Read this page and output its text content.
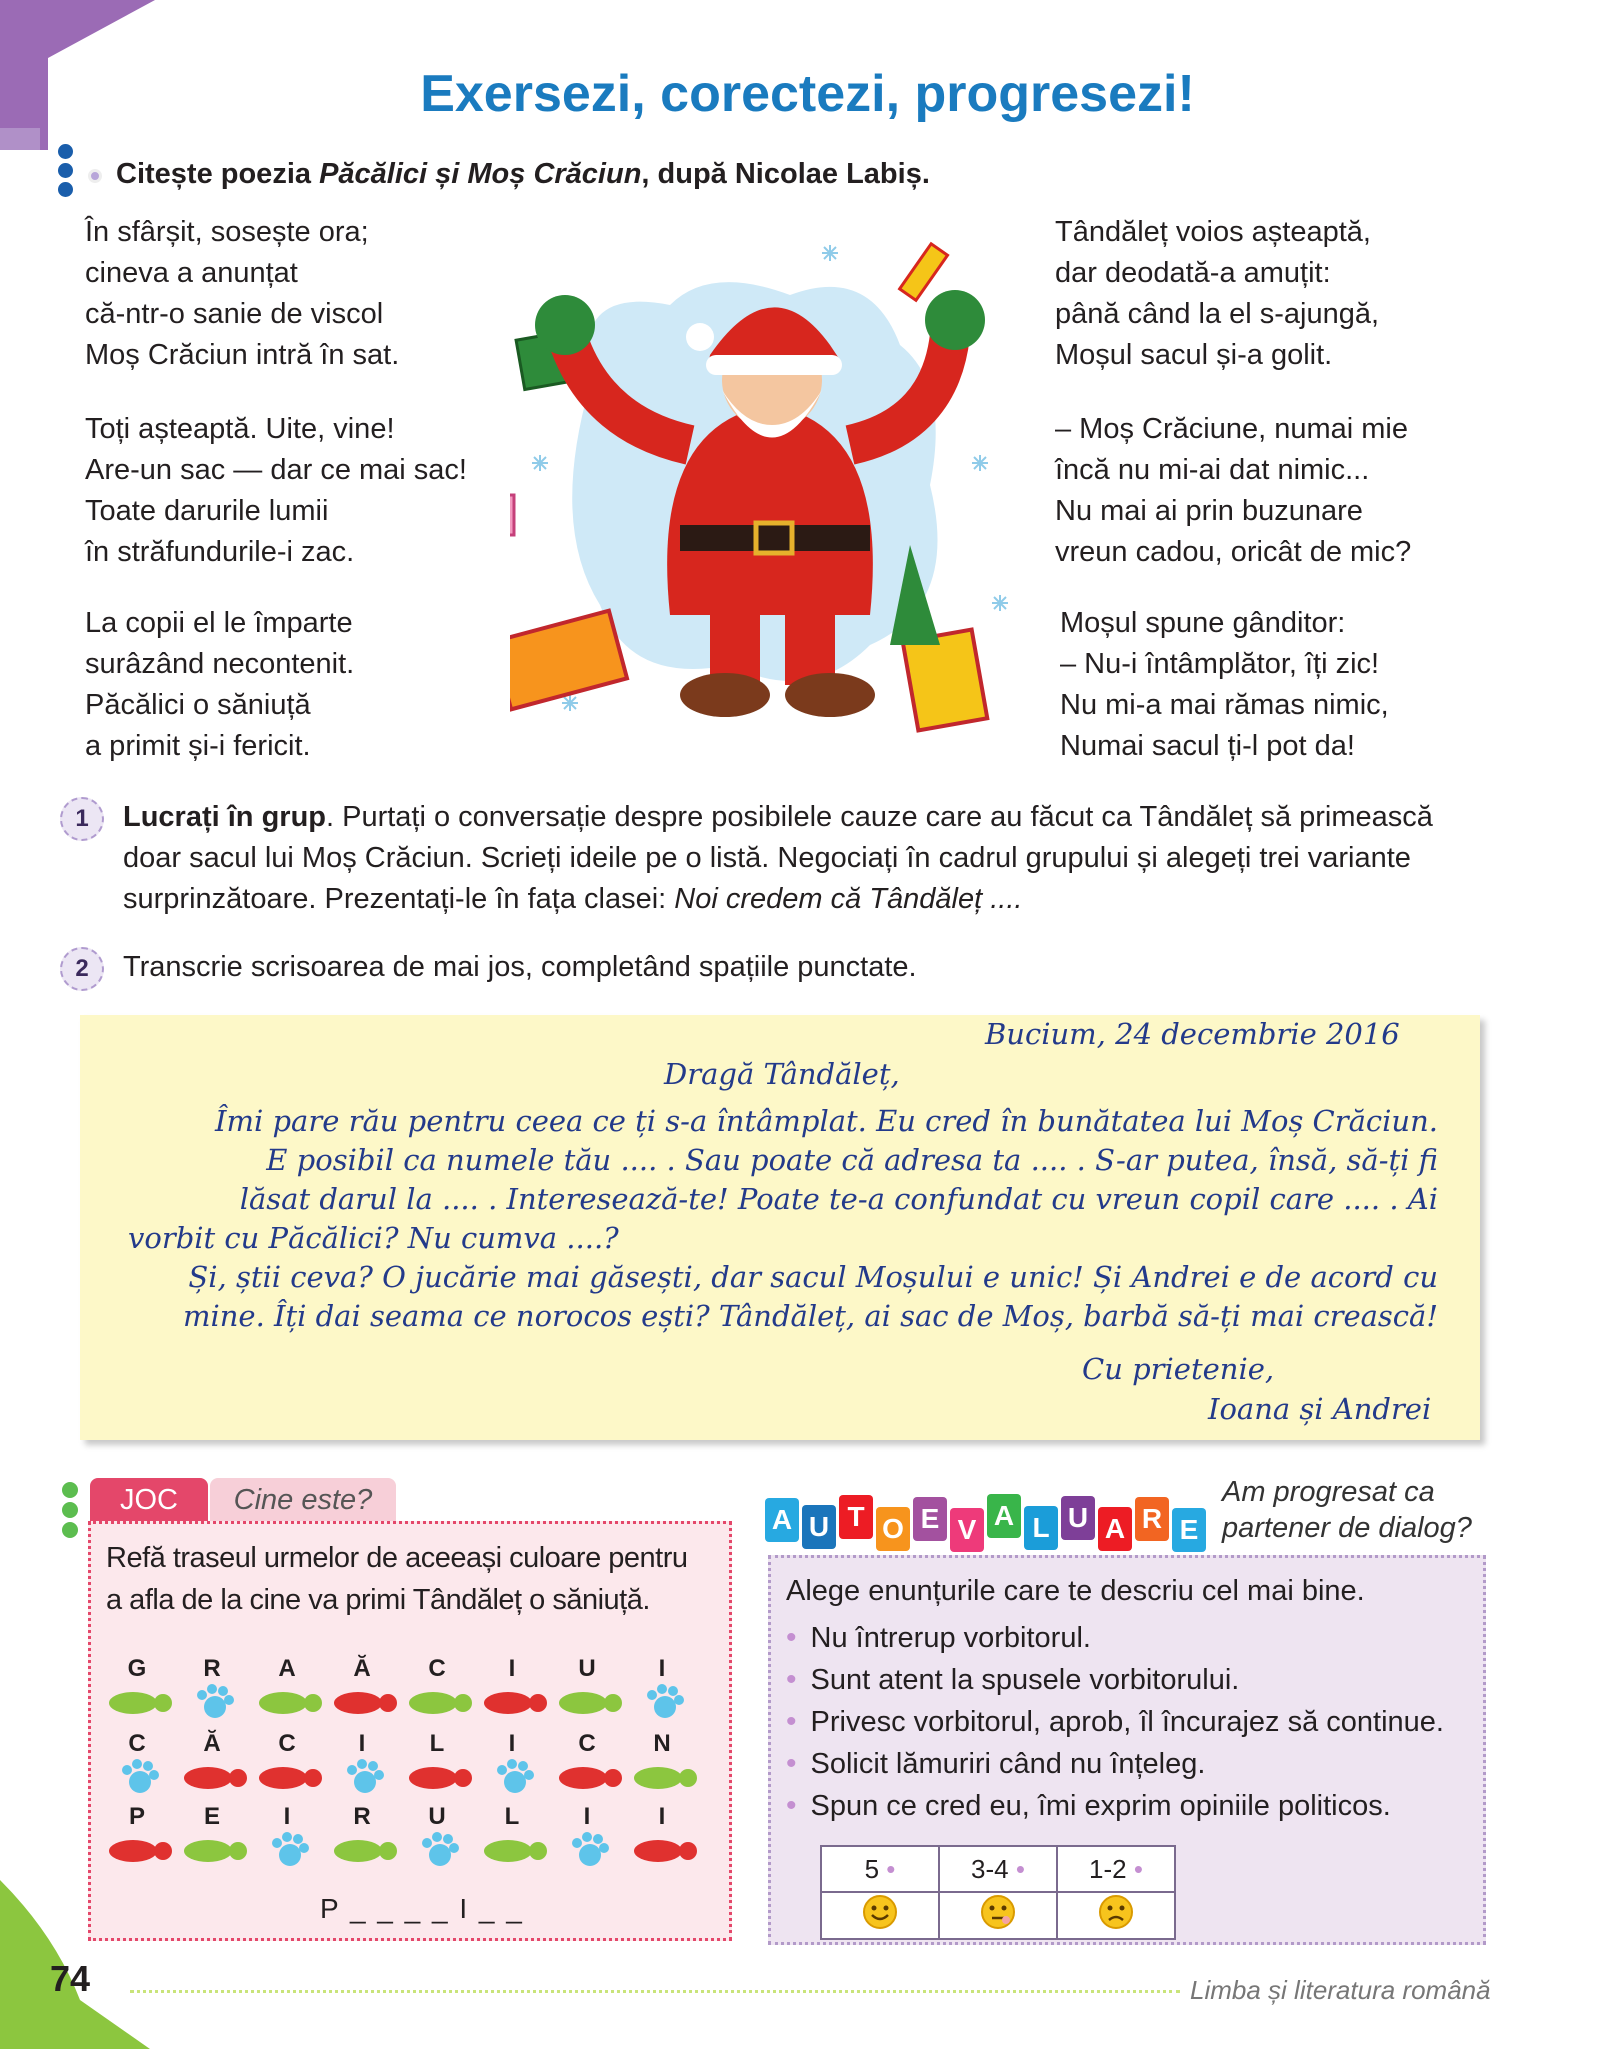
Exersezi, corectezi, progresezi!

Citește poezia Păcălici și Moș Crăciun, după Nicolae Labiș.

În sfârșit, sosește ora;
cineva a anunțat
că-ntr-o sanie de viscol
Moș Crăciun intră în sat.
Toți așteaptă. Uite, vine!
Are-un sac — dar ce mai sac!
Toate darurile lumii
în străfundurile-i zac.
La copii el le împarte
surâzând necontenit.
Păcălici o săniuță
a primit și-i fericit.
Tândăleț voios așteaptă,
dar deodată-a amuțit:
până când la el s-ajungă,
Moșul sacul și-a golit.
– Moș Crăciune, numai mie
încă nu mi-ai dat nimic...
Nu mai ai prin buzunare
vreun cadou, oricât de mic?
Moșul spune gânditor:
– Nu-i întâmplător, îți zic!
Nu mi-a mai rămas nimic,
Numai sacul ți-l pot da!
1	Lucrați în grup. Purtați o conversație despre posibilele cauze care au făcut ca Tândăleț să primească
doar sacul lui Moș Crăciun. Scrieți ideile pe o listă. Negociați în cadrul grupului și alegeți trei variante
surprinzătoare. Prezentați-le în fața clasei: Noi credem că Tândăleț ....
2	Transcrie scrisoarea de mai jos, completând spațiile punctate.

Bucium, 24 decembrie 2016
Dragă Tândăleț,
Îmi pare rău pentru ceea ce ți s-a întâmplat. Eu cred în bunătatea lui Moș Crăciun.
E posibil ca numele tău .... . Sau poate că adresa ta .... . S-ar putea, însă, să-ți fi
lăsat darul la .... . Interesează-te! Poate te-a confundat cu vreun copil care .... . Ai
vorbit cu Păcălici? Nu cumva ....?
Și, știi ceva? O jucărie mai găsești, dar sacul Moșului e unic! Și Andrei e de acord cu
mine. Îți dai seama ce norocos ești? Tândăleț, ai sac de Moș, barbă să-ți mai crească!
Cu prietenie,
Ioana și Andrei
JOC	Cine este?
Refă traseul urmelor de aceeași culoare pentru
a afla de la cine va primi Tândăleț o săniuță.
G	R	A	Ă	C	I	U	I
C	Ă	C	I	L	I	C	N
P	E	I	R	U	L	I	I
P _ _ _ _ I _ _
A U T O E V A L U A R E
Am progresat ca
partener de dialog?

Alege enunțurile care te descriu cel mai bine.

• Nu întrerup vorbitorul.
• Sunt atent la spusele vorbitorului.
• Privesc vorbitorul, aprob, îl încurajez să continue.
• Solicit lămuriri când nu înțeleg.
• Spun ce cred eu, îmi exprim opiniile politicos.
5 •	3-4 •	1-2 •

74	Limba și literatura română
